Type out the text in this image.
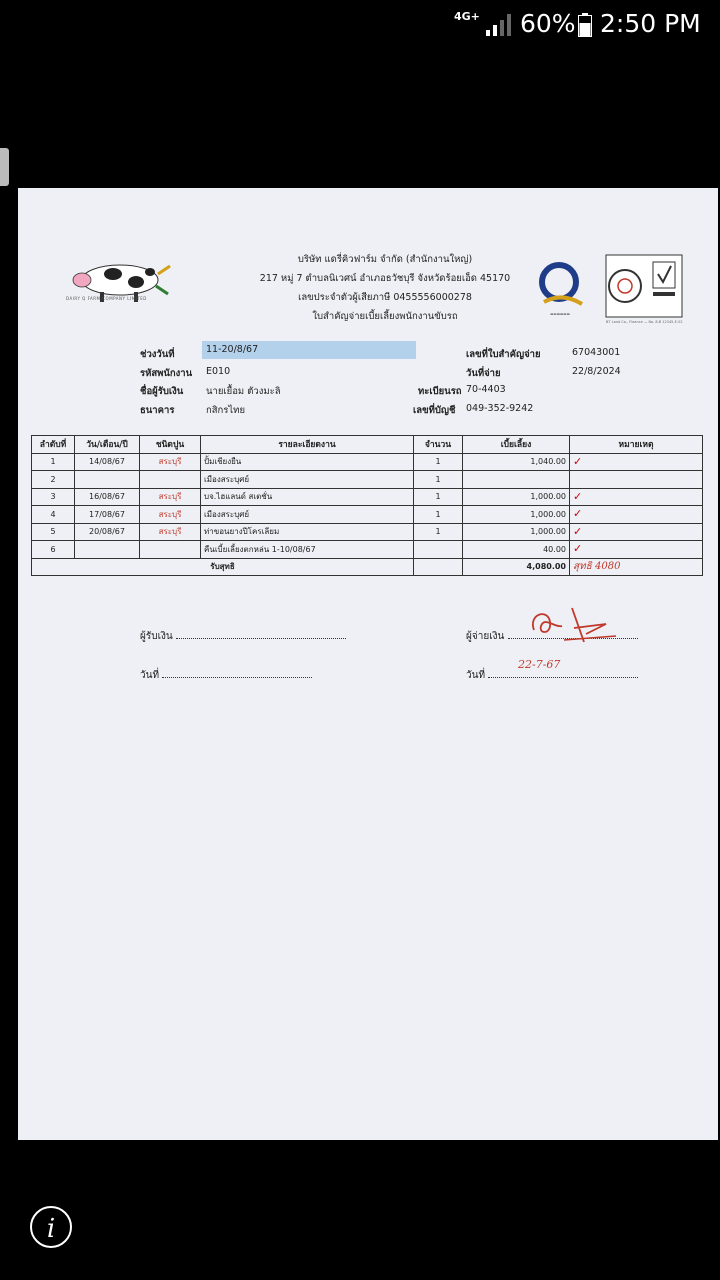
4G+ 60% 2:50 PM
DAIRY Q FARM COMPANY LIMITED
บริษัท แดรี่คิวฟาร์ม จำกัด (สำนักงานใหญ่)
217 หมู่ 7 ตำบลนิเวศน์ อำเภอธวัชบุรี จังหวัดร้อยเอ็ด 45170
เลขประจำตัวผู้เสียภาษี 0455556000278
ใบสำคัญจ่ายเบี้ยเลี้ยงพนักงานขับรถ	▬▬▬▬▬▬
BT Land Co., Fleance — No. 8-B 12345-E-02
ช่วงวันที่	11-20/8/67
รหัสพนักงาน E010
ชื่อผู้รับเงิน นายเยื้อม ตัวงมะลิ
ธนาคาร	กสิกรไทย
เลขที่ใบสำคัญจ่าย	67043001
วันที่จ่าย	22/8/2024
ทะเบียนรถ 70-4403
เลขที่บัญชี 049-352-9242
ลำดับที่	วัน/เดือน/ปี	ชนิดปูน	รายละเอียดงาน	จำนวน	เบี้ยเลี้ยง	หมายเหตุ
1	14/08/67	สระบุรี	ปั้มเชียงยืน	1	1,040.00	✓
2			เมืองสระบุศย์	1		
3	16/08/67	สระบุรี	บจ.ไฮแลนด์ สเตชั่น	1	1,000.00	✓
4	17/08/67	สระบุรี	เมืองสระบุศย์	1	1,000.00	✓
5	20/08/67	สระบุรี	ท่าขอนยางปีโครเลียม	1	1,000.00	✓
6			คืนเบี้ยเลี้ยงตกหล่น 1-10/08/67		40.00	✓
รับสุทธิ					4,080.00	สุทธิ 4080
ผู้รับเงิน	ผู้จ่ายเงิน
วันที่	วันที่
22-7-67
i
